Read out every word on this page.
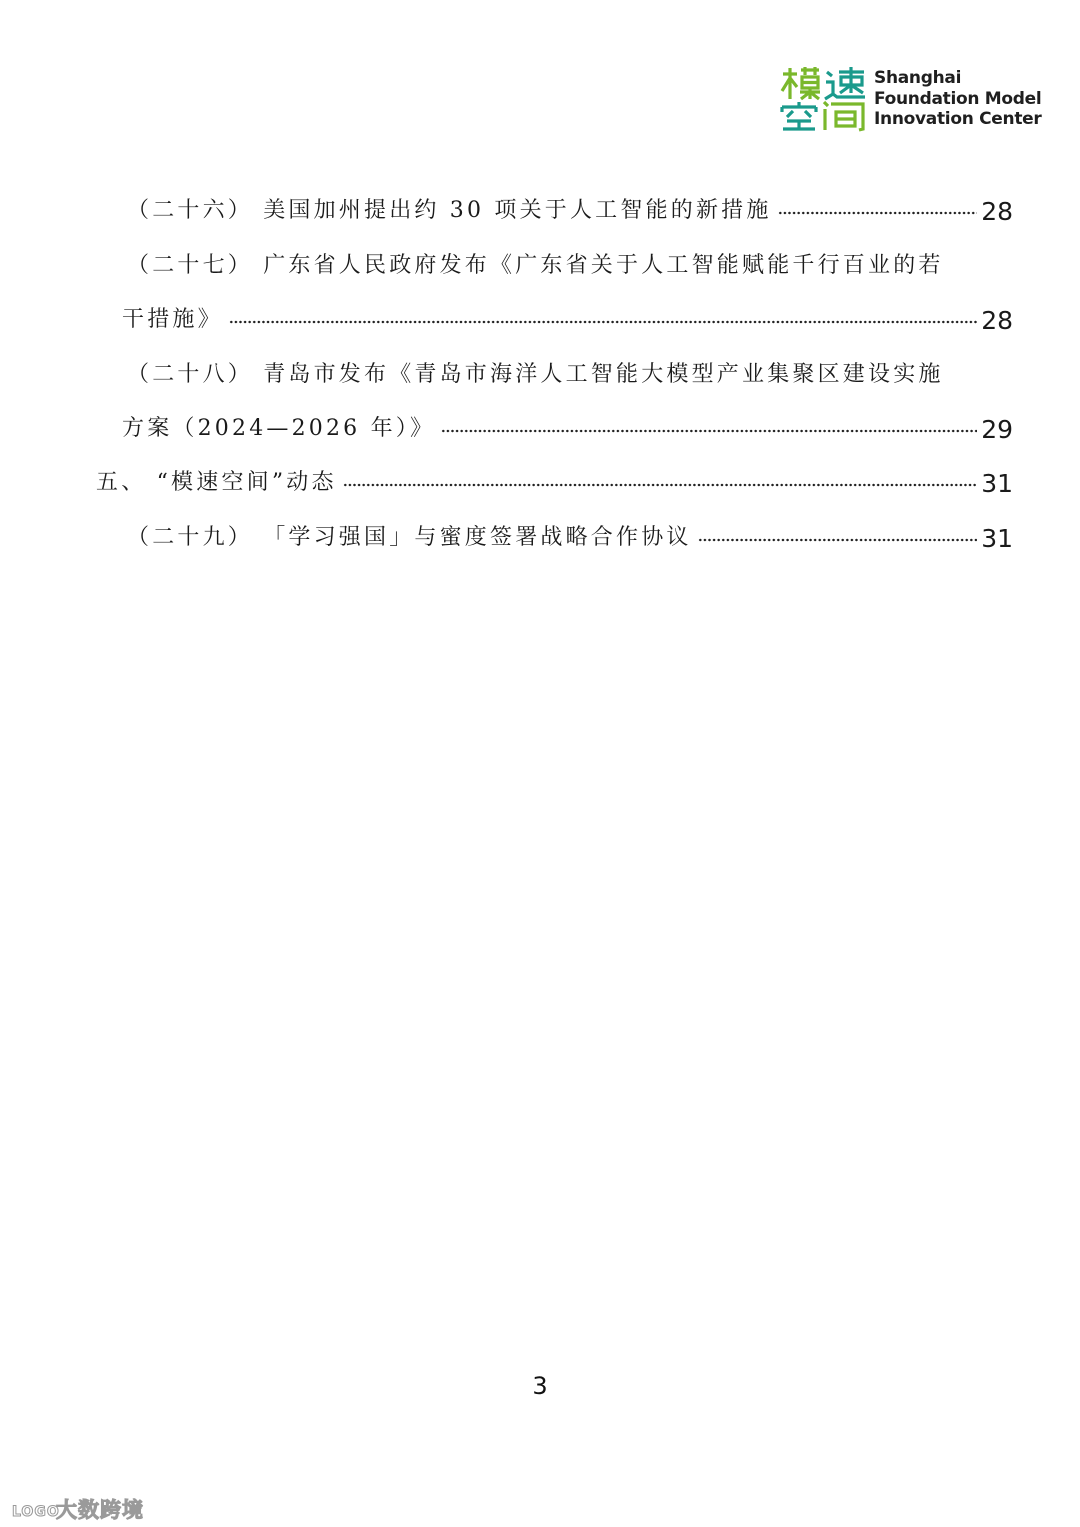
Shanghai
Foundation Model
Innovation Center
（二十六） 美国加州提出约 30 项关于人工智能的新措施	28
（二十七） 广东省人民政府发布《广东省关于人工智能赋能千行百业的若
干措施》	28
（二十八） 青岛市发布《青岛市海洋人工智能大模型产业集聚区建设实施
方案（2024—2026 年）》	29
五、 “模速空间”动态	31
（二十九） 「学习强国」与蜜度签署战略合作协议	31
3
LOGO
大数跨境
